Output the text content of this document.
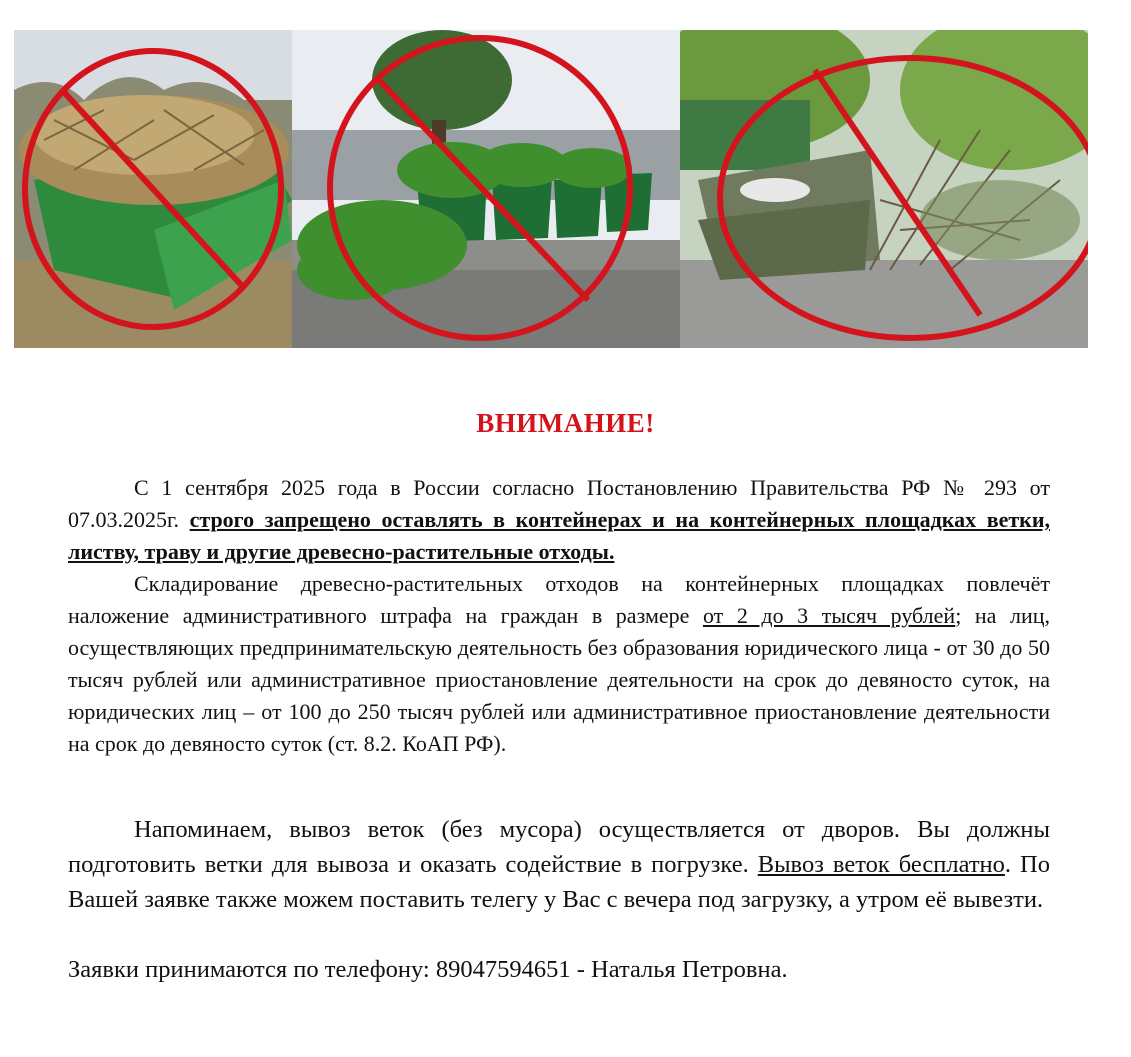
ВНИМАНИЕ!
С 1 сентября 2025 года в России согласно Постановлению Правительства РФ № 293 от 07.03.2025г. строго запрещено оставлять в контейнерах и на контейнерных площадках ветки, листву, траву и другие древесно-растительные отходы.
Складирование древесно-растительных отходов на контейнерных площадках повлечёт наложение административного штрафа на граждан в размере от 2 до 3 тысяч рублей; на лиц, осуществляющих предпринимательскую деятельность без образования юридического лица - от 30 до 50 тысяч рублей или административное приостановление деятельности на срок до девяносто суток, на юридических лиц – от 100 до 250 тысяч рублей или административное приостановление деятельности на срок до девяносто суток (ст. 8.2. КоАП РФ).
Напоминаем, вывоз веток (без мусора) осуществляется от дворов. Вы должны подготовить ветки для вывоза и оказать содействие в погрузке. Вывоз веток бесплатно. По Вашей заявке также можем поставить телегу у Вас с вечера под загрузку, а утром её вывезти.
Заявки принимаются по телефону: 89047594651 - Наталья Петровна.
